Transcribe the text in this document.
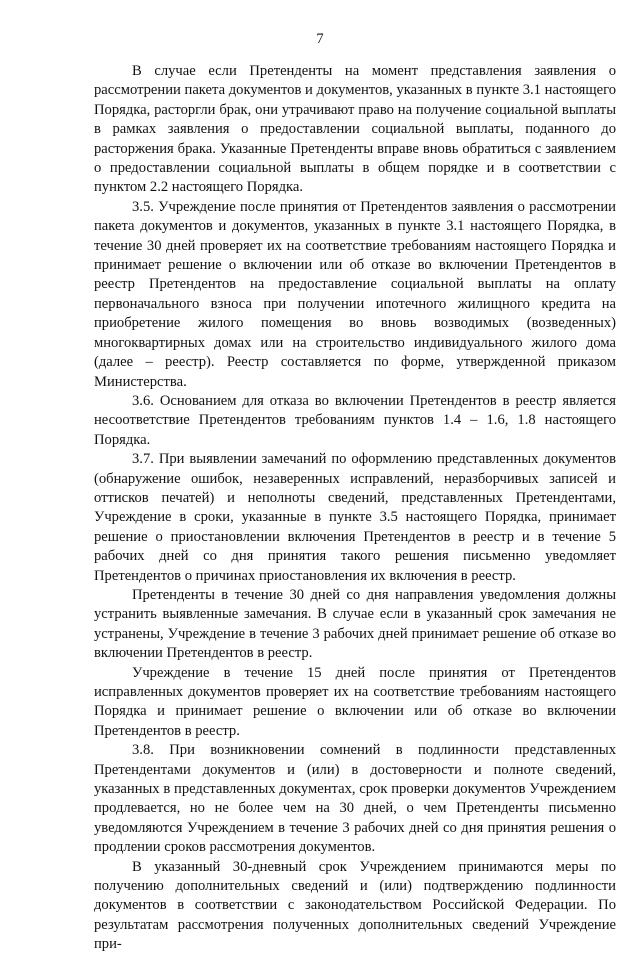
7

В случае если Претенденты на момент представления заявления о рассмотрении пакета документов и документов, указанных в пункте 3.1 настоящего Порядка, расторгли брак, они утрачивают право на получение социальной выплаты в рамках заявления о предоставлении социальной выплаты, поданного до расторжения брака. Указанные Претенденты вправе вновь обратиться с заявлением о предоставлении социальной выплаты в общем порядке и в соответствии с пунктом 2.2 настоящего Порядка.

3.5. Учреждение после принятия от Претендентов заявления о рассмотрении пакета документов и документов, указанных в пункте 3.1 настоящего Порядка, в течение 30 дней проверяет их на соответствие требованиям настоящего Порядка и принимает решение о включении или об отказе во включении Претендентов в реестр Претендентов на предоставление социальной выплаты на оплату первоначального взноса при получении ипотечного жилищного кредита на приобретение жилого помещения во вновь возводимых (возведенных) многоквартирных домах или на строительство индивидуального жилого дома (далее – реестр). Реестр составляется по форме, утвержденной приказом Министерства.

3.6. Основанием для отказа во включении Претендентов в реестр является несоответствие Претендентов требованиям пунктов 1.4 – 1.6, 1.8 настоящего Порядка.

3.7. При выявлении замечаний по оформлению представленных документов (обнаружение ошибок, незаверенных исправлений, неразборчивых записей и оттисков печатей) и неполноты сведений, представленных Претендентами, Учреждение в сроки, указанные в пункте 3.5 настоящего Порядка, принимает решение о приостановлении включения Претендентов в реестр и в течение 5 рабочих дней со дня принятия такого решения письменно уведомляет Претендентов о причинах приостановления их включения в реестр.

Претенденты в течение 30 дней со дня направления уведомления должны устранить выявленные замечания. В случае если в указанный срок замечания не устранены, Учреждение в течение 3 рабочих дней принимает решение об отказе во включении Претендентов в реестр.

Учреждение в течение 15 дней после принятия от Претендентов исправленных документов проверяет их на соответствие требованиям настоящего Порядка и принимает решение о включении или об отказе во включении Претендентов в реестр.

3.8. При возникновении сомнений в подлинности представленных Претендентами документов и (или) в достоверности и полноте сведений, указанных в представленных документах, срок проверки документов Учреждением продлевается, но не более чем на 30 дней, о чем Претенденты письменно уведомляются Учреждением в течение 3 рабочих дней со дня принятия решения о продлении сроков рассмотрения документов.

В указанный 30-дневный срок Учреждением принимаются меры по получению дополнительных сведений и (или) подтверждению подлинности документов в соответствии с законодательством Российской Федерации. По результатам рассмотрения полученных дополнительных сведений Учреждение при-
